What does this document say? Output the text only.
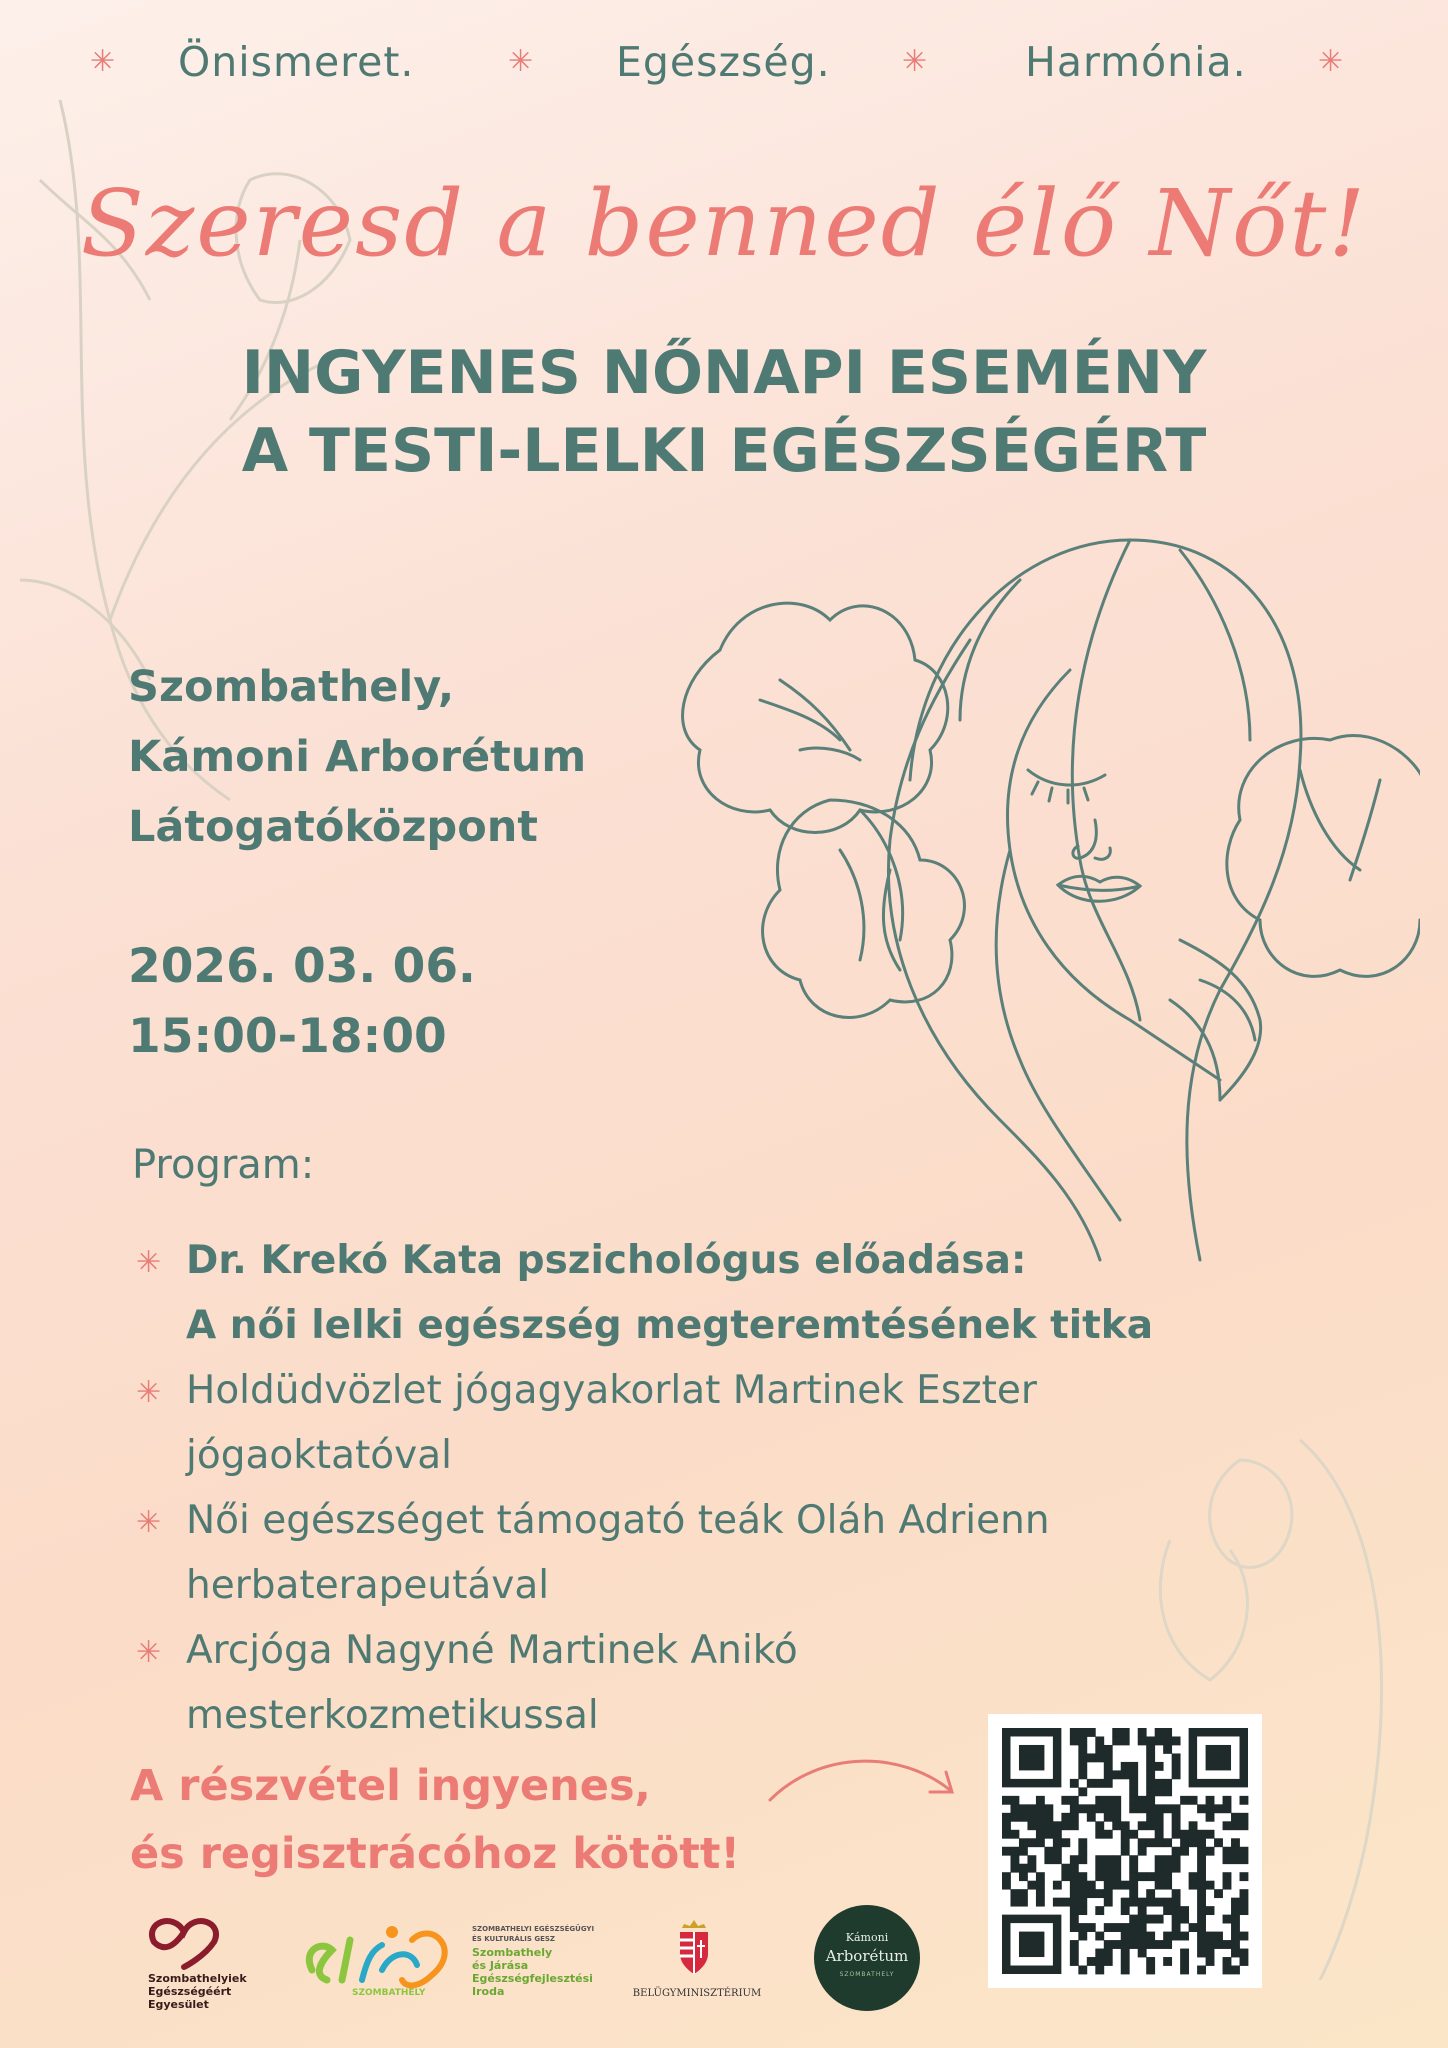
✳ Önismeret.	✳ Egészség. ✳ Harmónia. ✳
Szeresd a benned élő Nőt!
INGYENES NŐNAPI ESEMÉNY
A TESTI-LELKI EGÉSZSÉGÉRT
Szombathely,
Kámoni Arborétum
Látogatóközpont
2026. 03. 06.
15:00-18:00
Program:
✳ Dr. Krekó Kata pszichológus előadása:
A női lelki egészség megteremtésének titka
✳ Holdüdvözlet jógagyakorlat Martinek Eszter
jógaoktatóval
✳ Női egészséget támogató teák Oláh Adrienn
herbaterapeutával
✳ Arcjóga Nagyné Martinek Anikó
mesterkozmetikussal
A részvétel ingyenes,
és regisztrácóhoz kötött!
Szombathelyiek
Egészségéért
Egyesület
SZOMBATHELY
SZOMBATHELYI EGÉSZSÉGÜGYI
ÉS KULTURÁLIS GESZ
Szombathely
és Járása
Egészségfejlesztési
Iroda	BELÜGYMINISZTÉRIUM
Kámoni
Arborétum
SZOMBATHELY
